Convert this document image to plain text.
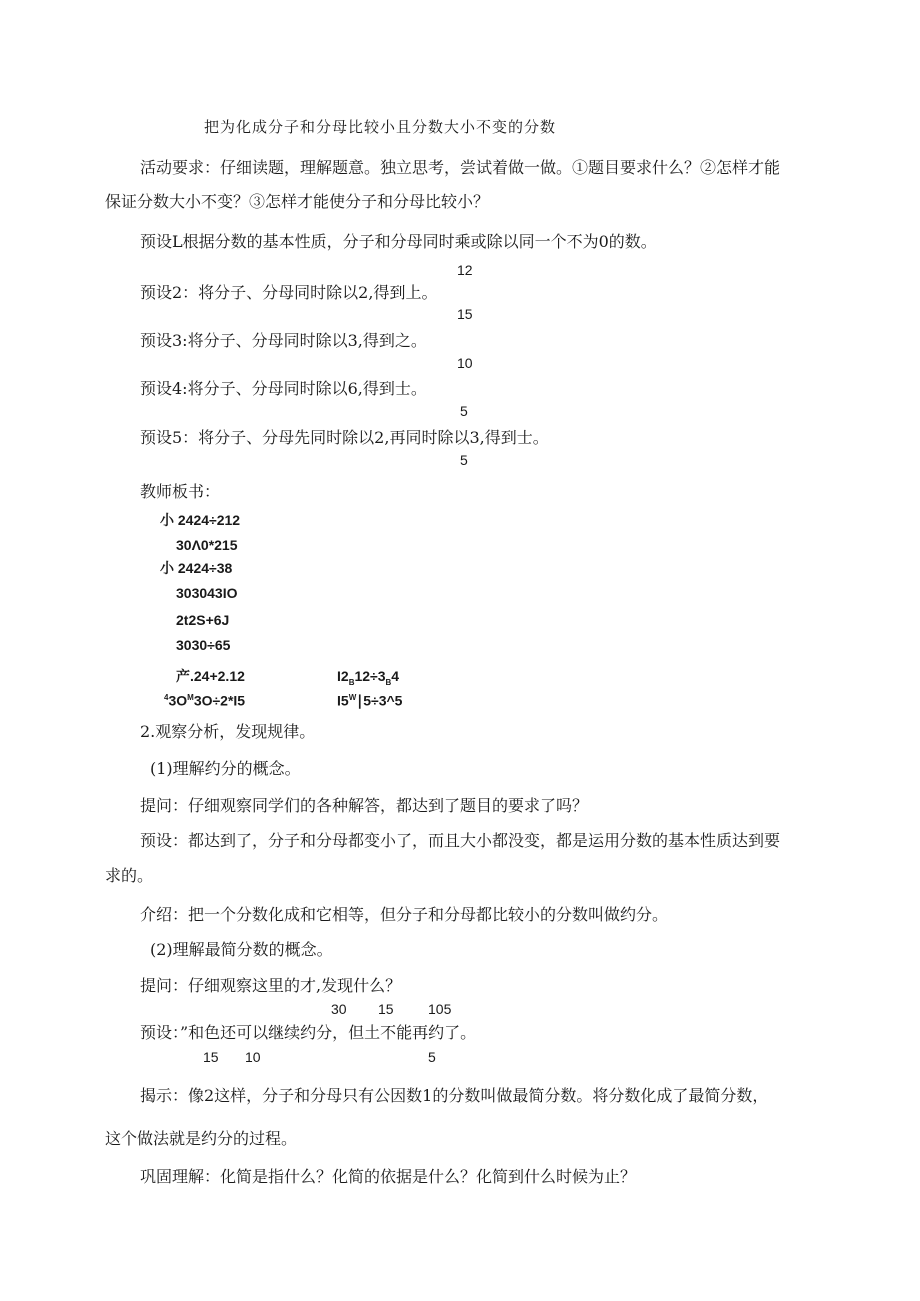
把为化成分子和分母比较小且分数大小不变的分数
活动要求：仔细读题，理解题意。独立思考，尝试着做一做。①题目要求什么？②怎样才能
保证分数大小不变？③怎样才能使分子和分母比较小？
预设L根据分数的基本性质，分子和分母同时乘或除以同一个不为0的数。
12
预设2：将分子、分母同时除以2,得到上。
15
预设3:将分子、分母同时除以3,得到之。
10
预设4:将分子、分母同时除以6,得到士。
5
预设5：将分子、分母先同时除以2,再同时除以3,得到士。
5
教师板书：
小 2424÷212
30Λ0*215
小 2424÷38
303043IO
2t2S+6J
3030÷65
产.24+2.12	$I2_B12\div 3_B4$
$^43O^M3O\div 2*I5$	$I5^W∣5\div 3\^{}5$
2.观察分析，发现规律。
(1)理解约分的概念。
提问：仔细观察同学们的各种解答，都达到了题目的要求了吗？
预设：都达到了，分子和分母都变小了，而且大小都没变，都是运用分数的基本性质达到要
求的。
介绍：把一个分数化成和它相等，但分子和分母都比较小的分数叫做约分。
(2)理解最简分数的概念。
提问：仔细观察这里的才,发现什么？
30 15 105
预设：”和色还可以继续约分，但土不能再约了。
15 10	5
揭示：像2这样，分子和分母只有公因数1的分数叫做最简分数。将分数化成了最简分数，
这个做法就是约分的过程。
巩固理解：化简是指什么？化简的依据是什么？化简到什么时候为止？
